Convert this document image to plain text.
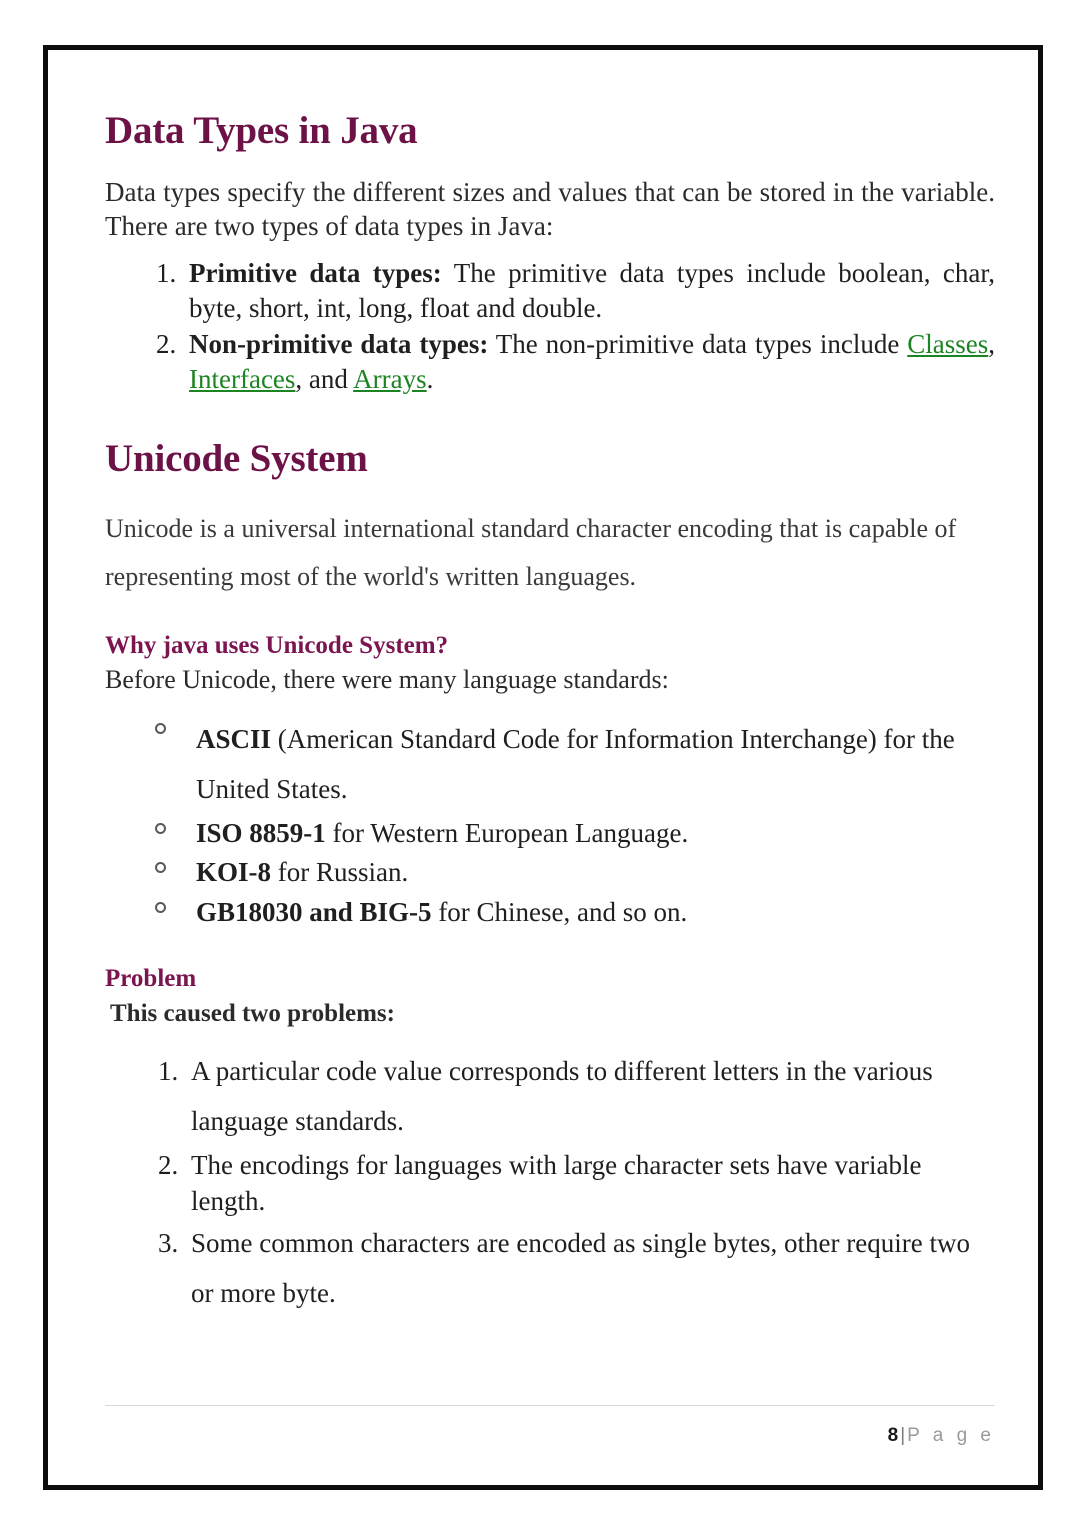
Data Types in Java

Data types specify the different sizes and values that can be stored in the variable. There are two types of data types in Java:

1. Primitive data types: The primitive data types include boolean, char, byte, short, int, long, float and double.
2. Non-primitive data types: The non-primitive data types include Classes, Interfaces, and Arrays.
Unicode System

Unicode is a universal international standard character encoding that is capable of representing most of the world's written languages.

Why java uses Unicode System?

Before Unicode, there were many language standards:

ASCII (American Standard Code for Information Interchange) for the United States.
ISO 8859-1 for Western European Language.
KOI-8 for Russian.
GB18030 and BIG-5 for Chinese, and so on.
Problem

This caused two problems:

1. A particular code value corresponds to different letters in the various language standards.
2. The encodings for languages with large character sets have variable length.
3. Some common characters are encoded as single bytes, other require two or more byte.
8 | P a g e
